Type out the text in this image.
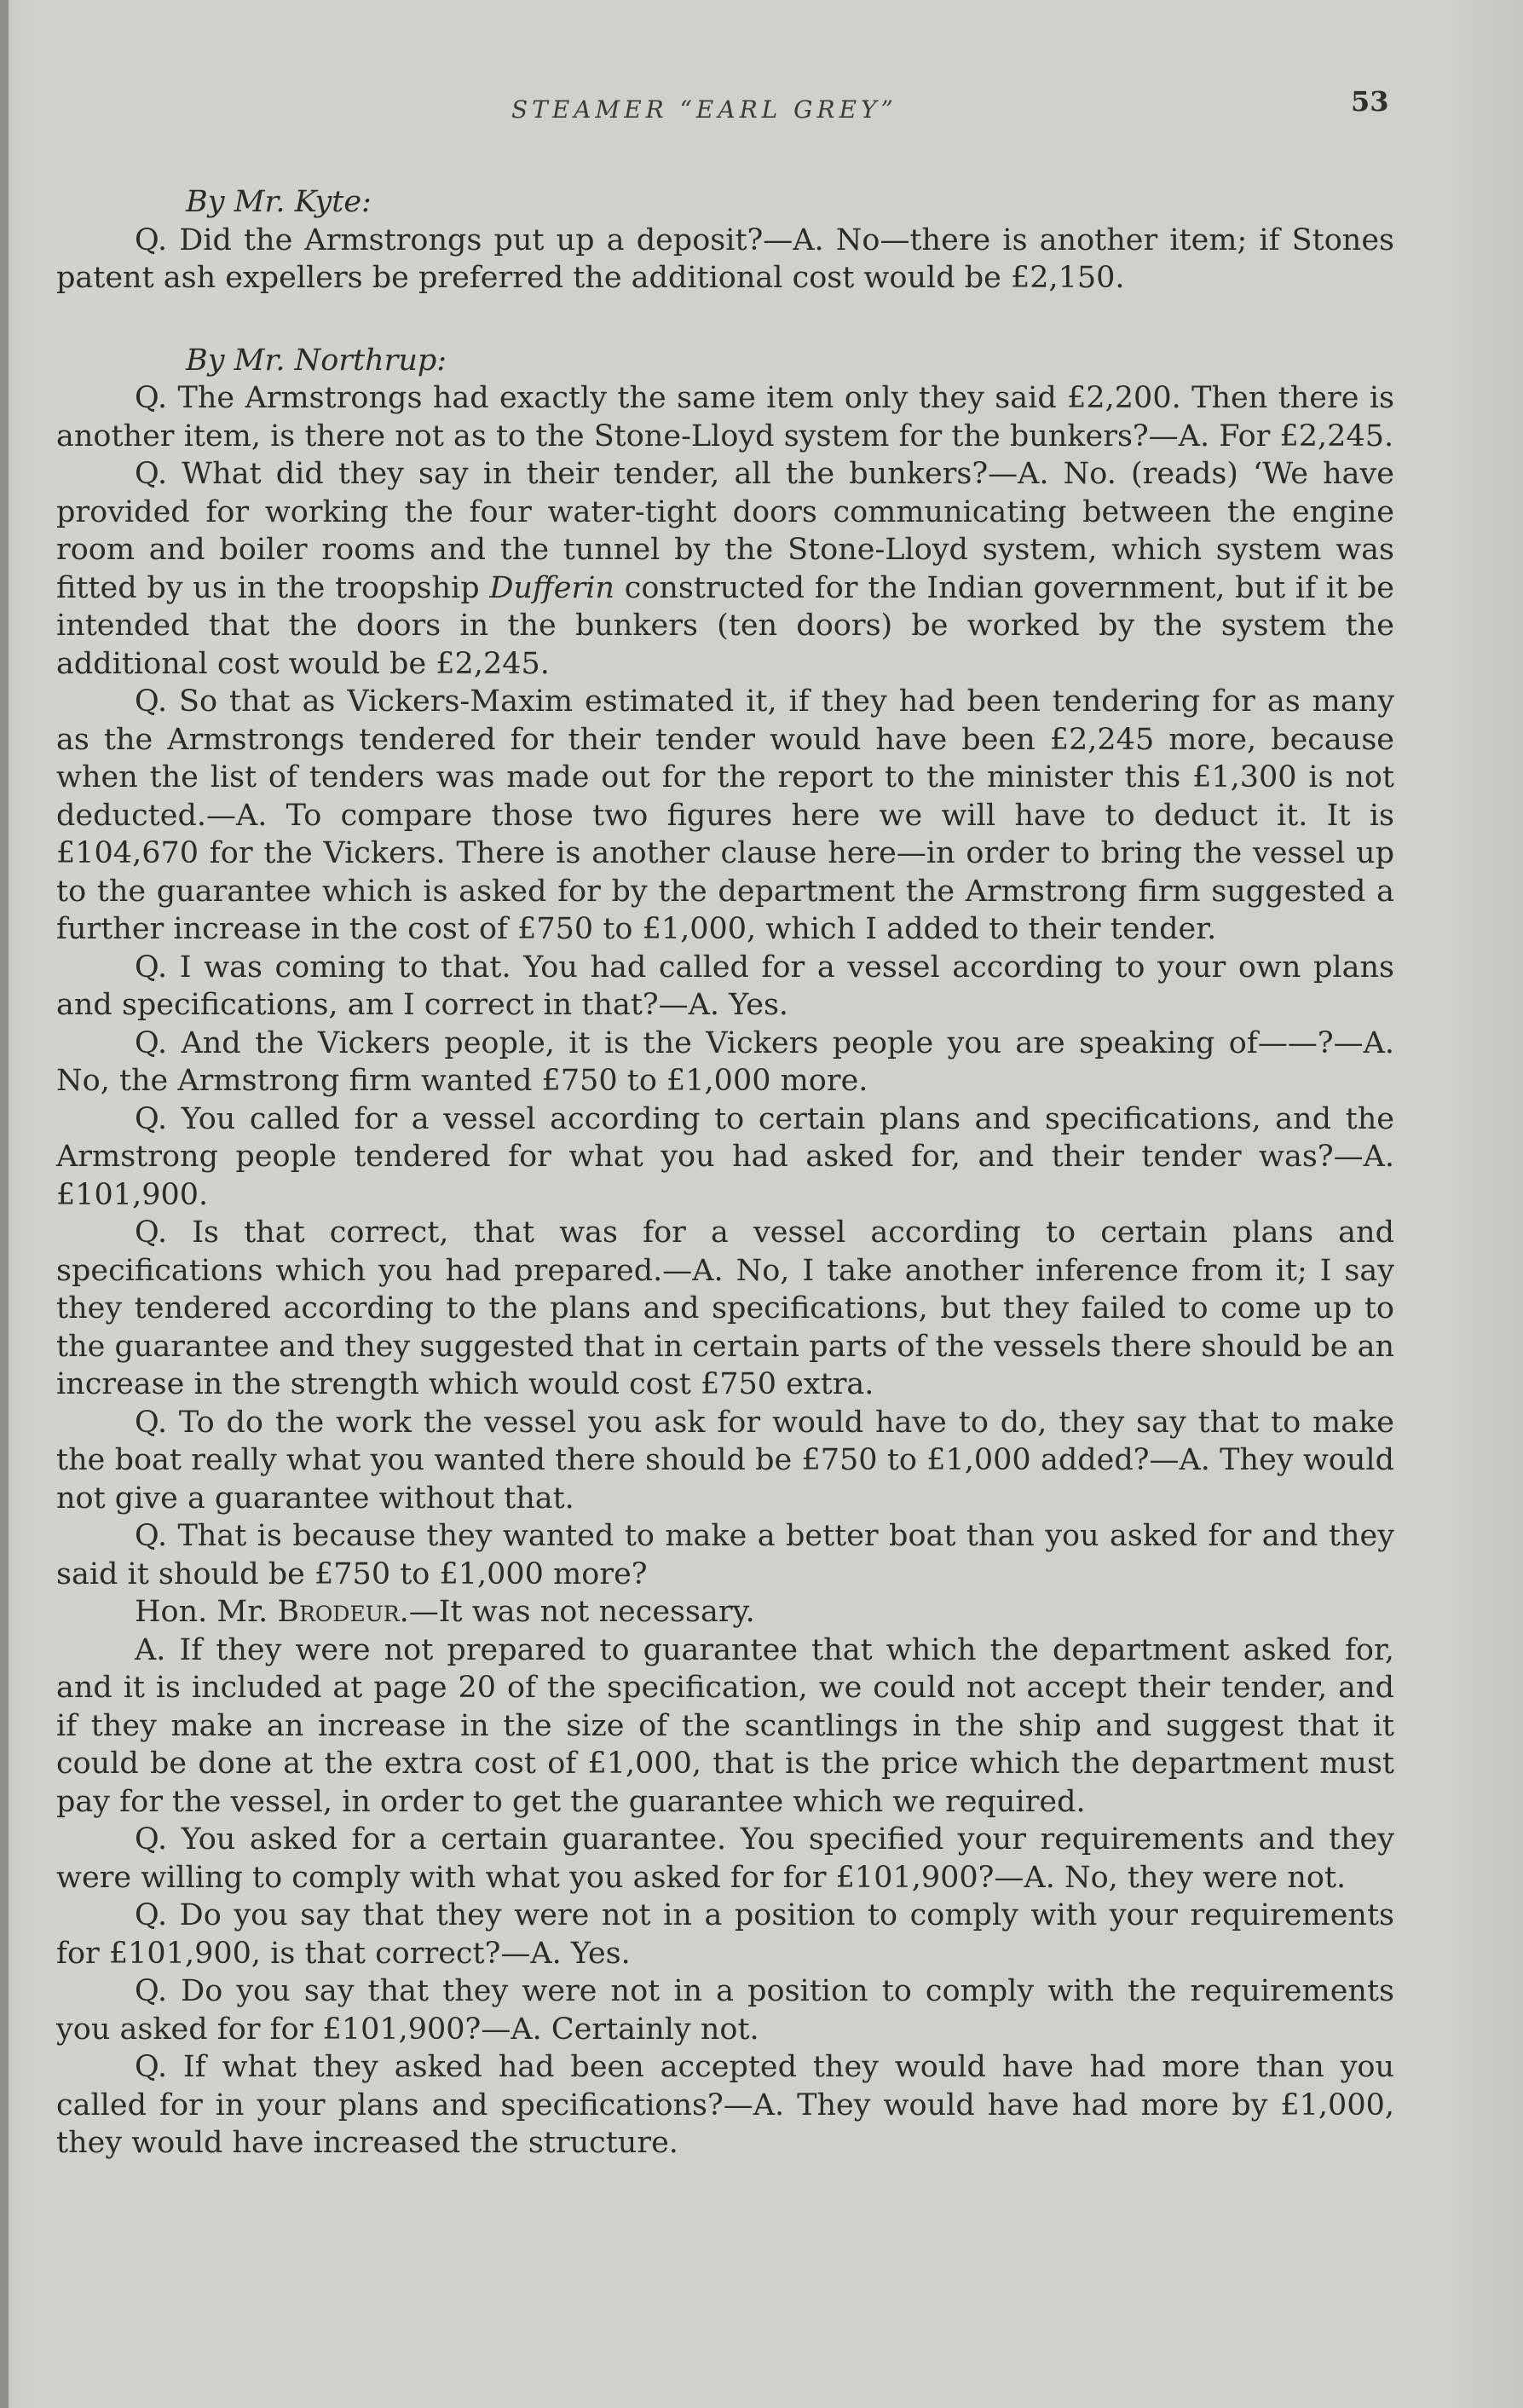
STEAMER “EARL GREY”	53

By Mr. Kyte:

Q. Did the Armstrongs put up a deposit?—A. No—there is another item; if Stones patent ash expellers be preferred the additional cost would be £2,150.

By Mr. Northrup:

Q. The Armstrongs had exactly the same item only they said £2,200. Then there is another item, is there not as to the Stone-Lloyd system for the bunkers?—A. For £2,245.

Q. What did they say in their tender, all the bunkers?—A. No. (reads) ‘We have provided for working the four water-tight doors communicating between the engine room and boiler rooms and the tunnel by the Stone-Lloyd system, which system was fitted by us in the troopship Dufferin constructed for the Indian government, but if it be intended that the doors in the bunkers (ten doors) be worked by the system the additional cost would be £2,245.

Q. So that as Vickers-Maxim estimated it, if they had been tendering for as many as the Armstrongs tendered for their tender would have been £2,245 more, because when the list of tenders was made out for the report to the minister this £1,300 is not deducted.—A. To compare those two figures here we will have to deduct it. It is £104,670 for the Vickers. There is another clause here—in order to bring the vessel up to the guarantee which is asked for by the department the Armstrong firm suggested a further increase in the cost of £750 to £1,000, which I added to their tender.

Q. I was coming to that. You had called for a vessel according to your own plans and specifications, am I correct in that?—A. Yes.

Q. And the Vickers people, it is the Vickers people you are speaking of——?—A. No, the Armstrong firm wanted £750 to £1,000 more.

Q. You called for a vessel according to certain plans and specifications, and the Armstrong people tendered for what you had asked for, and their tender was?—A. £101,900.

Q. Is that correct, that was for a vessel according to certain plans and specifications which you had prepared.—A. No, I take another inference from it; I say they tendered according to the plans and specifications, but they failed to come up to the guarantee and they suggested that in certain parts of the vessels there should be an increase in the strength which would cost £750 extra.

Q. To do the work the vessel you ask for would have to do, they say that to make the boat really what you wanted there should be £750 to £1,000 added?—A. They would not give a guarantee without that.

Q. That is because they wanted to make a better boat than you asked for and they said it should be £750 to £1,000 more?

Hon. Mr. Brodeur.—It was not necessary.

A. If they were not prepared to guarantee that which the department asked for, and it is included at page 20 of the specification, we could not accept their tender, and if they make an increase in the size of the scantlings in the ship and suggest that it could be done at the extra cost of £1,000, that is the price which the department must pay for the vessel, in order to get the guarantee which we required.

Q. You asked for a certain guarantee. You specified your requirements and they were willing to comply with what you asked for for £101,900?—A. No, they were not.

Q. Do you say that they were not in a position to comply with your requirements for £101,900, is that correct?—A. Yes.

Q. Do you say that they were not in a position to comply with the requirements you asked for for £101,900?—A. Certainly not.

Q. If what they asked had been accepted they would have had more than you called for in your plans and specifications?—A. They would have had more by £1,000, they would have increased the structure.
